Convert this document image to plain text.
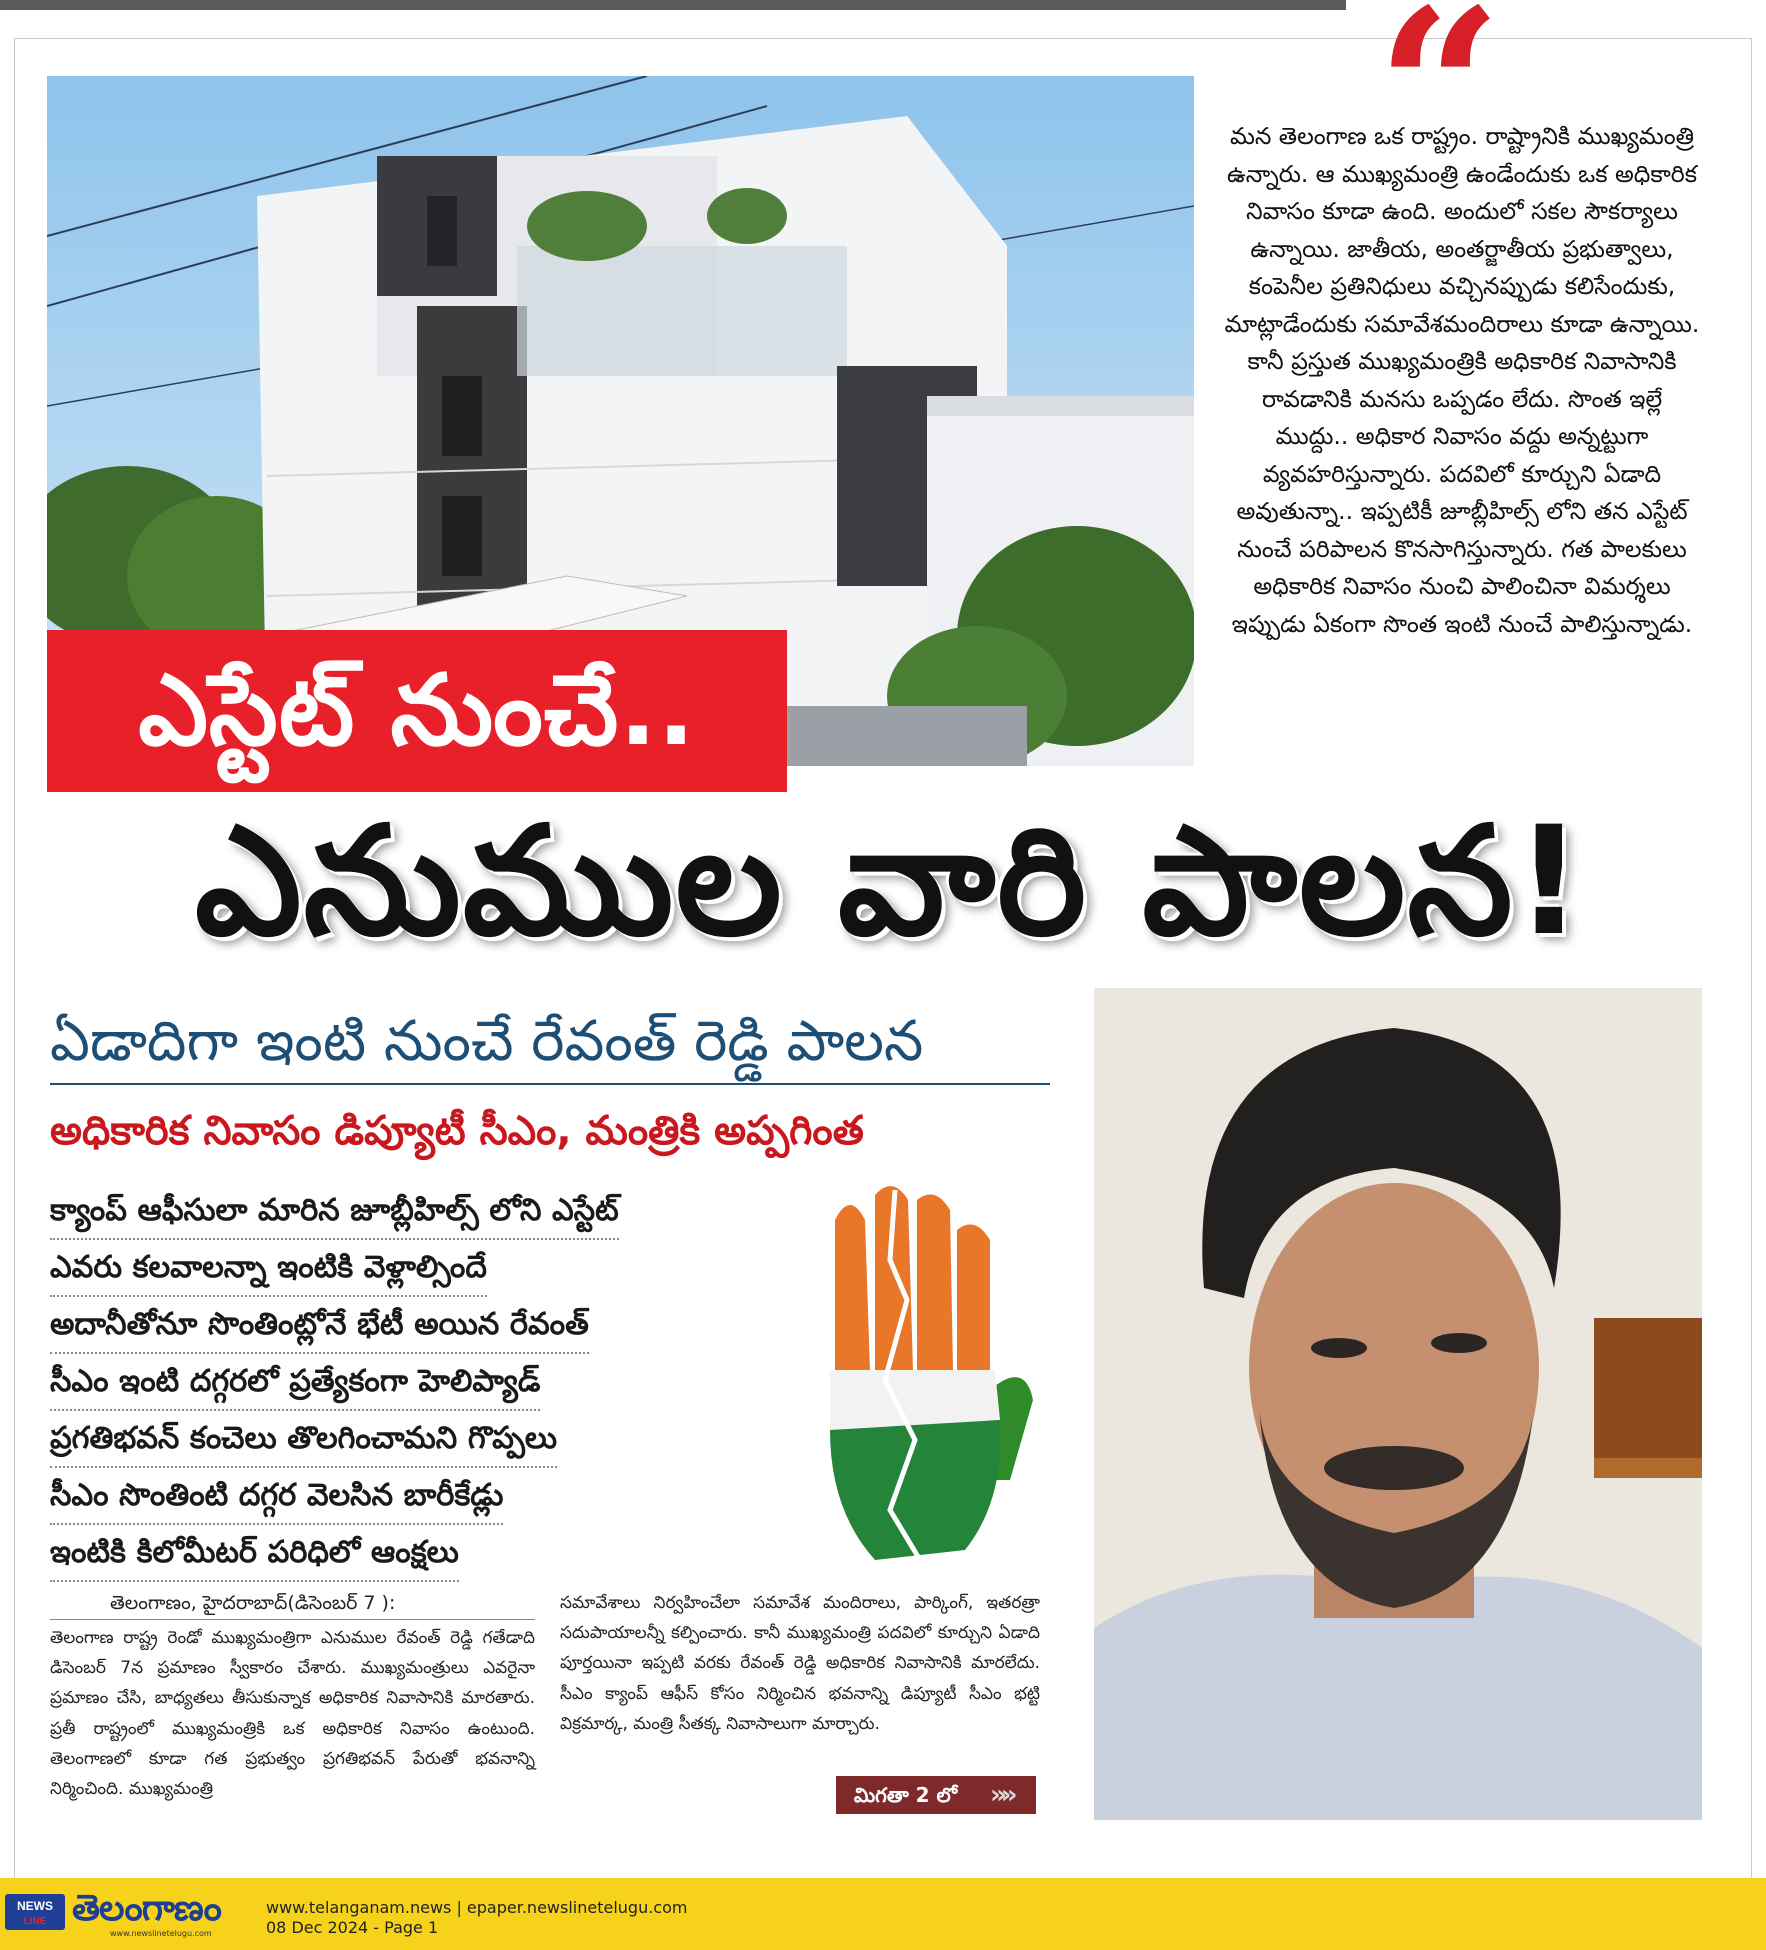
ఎస్టేట్ నుంచే..
“
మన తెలంగాణ ఒక రాష్ట్రం. రాష్ట్రానికి ముఖ్యమంత్రి ఉన్నారు. ఆ ముఖ్యమంత్రి ఉండేందుకు ఒక అధికారిక నివాసం కూడా ఉంది. అందులో సకల సౌకర్యాలు ఉన్నాయి. జాతీయ, అంతర్జాతీయ ప్రభుత్వాలు, కంపెనీల ప్రతినిధులు వచ్చినప్పుడు కలిసేందుకు, మాట్లాడేందుకు సమావేశమందిరాలు కూడా ఉన్నాయి. కానీ ప్రస్తుత ముఖ్యమంత్రికి అధికారిక నివాసానికి రావడానికి మనసు ఒప్పడం లేదు. సొంత ఇల్లే ముద్దు.. అధికార నివాసం వద్దు అన్నట్టుగా వ్యవహరిస్తున్నారు. పదవిలో కూర్చుని ఏడాది అవుతున్నా.. ఇప్పటికీ జూబ్లీహిల్స్ లోని తన ఎస్టేట్ నుంచే పరిపాలన కొనసాగిస్తున్నారు. గత పాలకులు అధికారిక నివాసం నుంచి పాలించినా విమర్శలు ఇప్పుడు ఏకంగా సొంత ఇంటి నుంచే పాలిస్తున్నాడు.
ఎనుముల వారి పాలన!
ఏడాదిగా ఇంటి నుంచే రేవంత్ రెడ్డి పాలన
అధికారిక నివాసం డిప్యూటీ సీఎం, మంత్రికి అప్పగింత
క్యాంప్ ఆఫీసులా మారిన జూబ్లీహిల్స్ లోని ఎస్టేట్
ఎవరు కలవాలన్నా ఇంటికి వెళ్లాల్సిందే
అదానీతోనూ సొంతింట్లోనే భేటీ అయిన రేవంత్
సీఎం ఇంటి దగ్గరలో ప్రత్యేకంగా హెలిప్యాడ్
ప్రగతిభవన్ కంచెలు తొలగించామని గొప్పలు
సీఎం సొంతింటి దగ్గర వెలసిన బారీకేడ్లు
ఇంటికి కిలోమీటర్ పరిధిలో ఆంక్షలు
తెలంగాణం, హైదరాబాద్(డిసెంబర్ 7 ):
తెలంగాణ రాష్ట్ర రెండో ముఖ్యమంత్రిగా ఎనుముల రేవంత్ రెడ్డి గతేడాది డిసెంబర్ 7న ప్రమాణం స్వీకారం చేశారు. ముఖ్యమంత్రులు ఎవరైనా ప్రమాణం చేసి, బాధ్యతలు తీసుకున్నాక అధికారిక నివాసానికి మారతారు. ప్రతీ రాష్ట్రంలో ముఖ్యమంత్రికి ఒక అధికారిక నివాసం ఉంటుంది. తెలంగాణలో కూడా గత ప్రభుత్వం ప్రగతిభవన్ పేరుతో భవనాన్ని నిర్మించింది. ముఖ్యమంత్రి
సమావేశాలు నిర్వహించేలా సమావేశ మందిరాలు, పార్కింగ్, ఇతరత్రా సదుపాయాలన్నీ కల్పించారు. కానీ ముఖ్యమంత్రి పదవిలో కూర్చుని ఏడాది పూర్తయినా ఇప్పటి వరకు రేవంత్ రెడ్డి అధికారిక నివాసానికి మారలేదు. సీఎం క్యాంప్ ఆఫీస్ కోసం నిర్మించిన భవనాన్ని డిప్యూటీ సీఎం భట్టి విక్రమార్క, మంత్రి సీతక్క నివాసాలుగా మార్చారు.
మిగతా 2 లో	»»
NEWS
LINE తెలంగాణం
www.newslinetelugu.com
www.telanganam.news | epaper.newslinetelugu.com
08 Dec 2024 - Page 1
